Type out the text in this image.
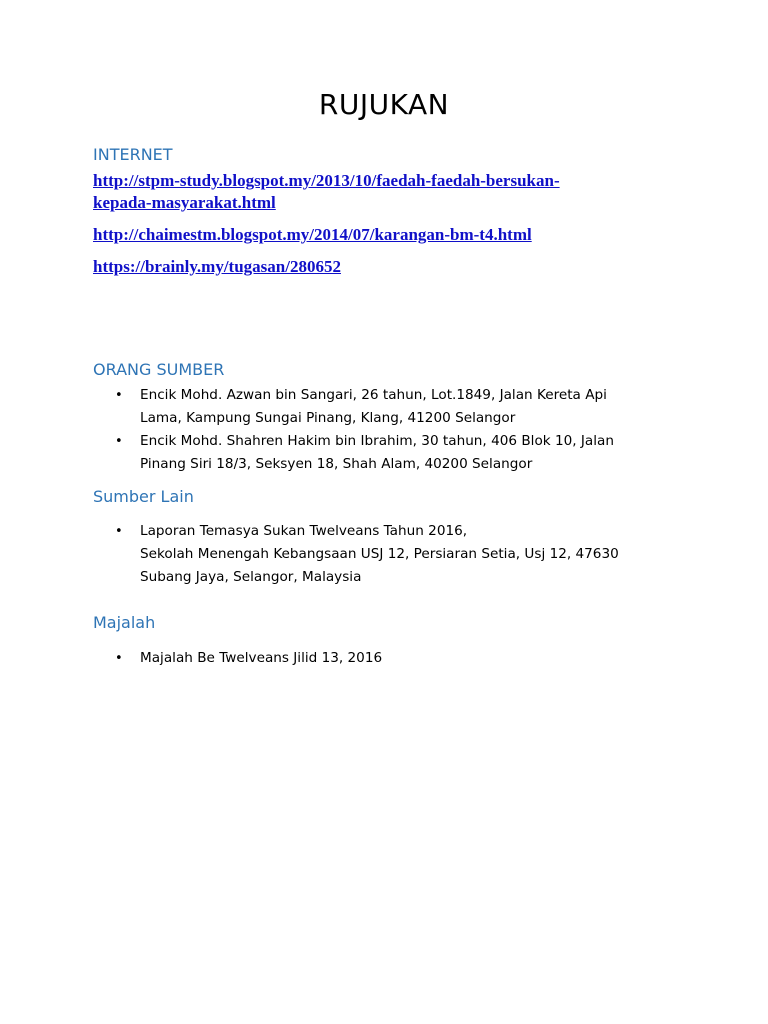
RUJUKAN
INTERNET
http://stpm-study.blogspot.my/2013/10/faedah-faedah-bersukan-
kepada-masyarakat.html
http://chaimestm.blogspot.my/2014/07/karangan-bm-t4.html
https://brainly.my/tugasan/280652
ORANG SUMBER
• Encik Mohd. Azwan bin Sangari, 26 tahun, Lot.1849, Jalan Kereta Api
Lama, Kampung Sungai Pinang, Klang, 41200 Selangor
• Encik Mohd. Shahren Hakim bin Ibrahim, 30 tahun, 406 Blok 10, Jalan
Pinang Siri 18/3, Seksyen 18, Shah Alam, 40200 Selangor
Sumber Lain
• Laporan Temasya Sukan Twelveans Tahun 2016,
Sekolah Menengah Kebangsaan USJ 12, Persiaran Setia, Usj 12, 47630
Subang Jaya, Selangor, Malaysia
Majalah
• Majalah Be Twelveans Jilid 13, 2016
